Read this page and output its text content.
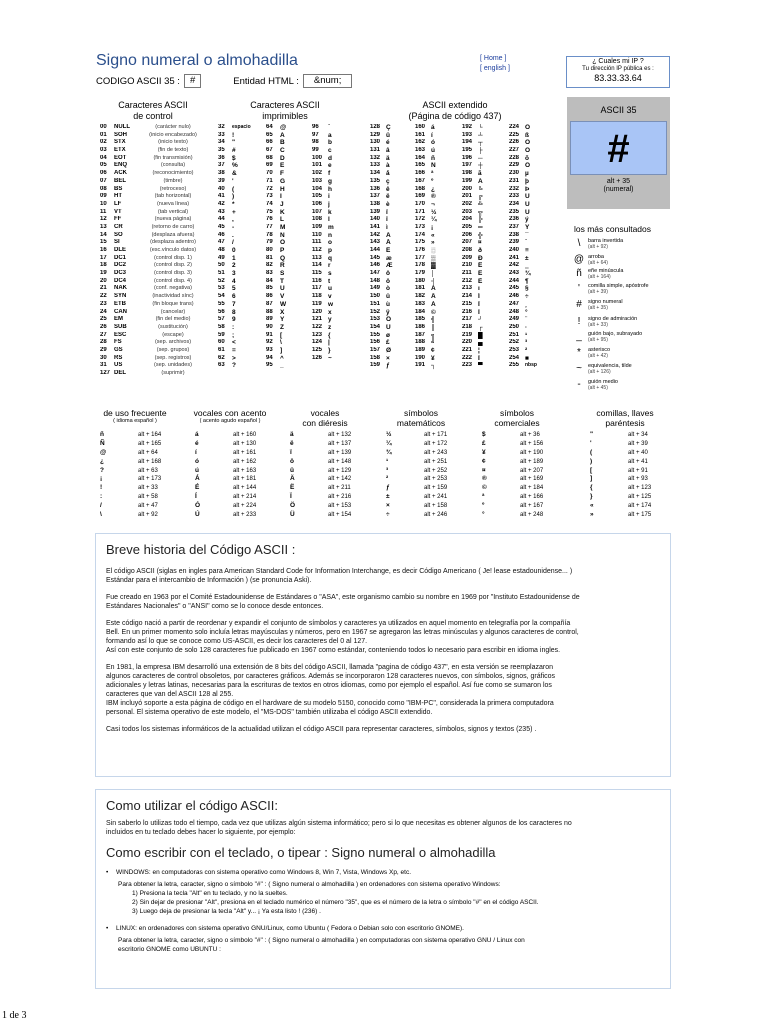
Signo numeral o almohadilla
CODIGO ASCII 35 :	#	Entidad HTML :	&num;
[ Home ]
[ english ]
¿ Cuales mi IP ?
Tu dirección IP pública es :
83.33.33.64
Caracteres ASCII
de control
Caracteres ASCII
imprimibles
ASCII extendido
(Página de código 437)
00	NULL	(carácter nulo)
01	SOH	(inicio encabezado)
02	STX	(inicio texto)
03	ETX	(fin de texto)
04	EOT	(fin transmisión)
05	ENQ	(consulta)
06	ACK	(reconocimiento)
07	BEL	(timbre)
08	BS	(retroceso)
09	HT	(tab horizontal)
10	LF	(nueva línea)
11	VT	(tab vertical)
12	FF	(nueva página)
13	CR	(retorno de carro)
14	SO	(desplaza afuera)
15	SI	(desplaza adentro)
16	DLE	(esc.vínculo datos)
17	DC1	(control disp. 1)
18	DC2	(control disp. 2)
19	DC3	(control disp. 3)
20	DC4	(control disp. 4)
21	NAK	(conf. negativa)
22	SYN	(inactividad sínc)
23	ETB	(fin bloque trans)
24	CAN	(cancelar)
25	EM	(fin del medio)
26	SUB	(sustitución)
27	ESC	(escape)
28	FS	(sep. archivos)
29	GS	(sep. grupos)
30	RS	(sep. registros)
31	US	(sep. unidades)
127 DEL	(suprimir)
32	espacio
33	!
34	"
35	#
36	$
37	%
38	&
39	'
40	(
41	)
42	*
43	+
44	,
45	-
46	.
47	/
48	0
49	1
50	2
51	3
52	4
53	5
54	6
55	7
56	8
57	9
58	:
59	;
60	<
61	=
62	>
63	?
64	@
65	A
66	B
67	C
68	D
69	E
70	F
71	G
72	H
73	I
74	J
75	K
76	L
77	M
78	N
79	O
80	P
81	Q
82	R
83	S
84	T
85	U
86	V
87	W
88	X
89	Y
90	Z
91	[
92	\
93	]
94	^
95	_
96	`
97	a
98	b
99	c
100 d
101 e
102 f
103 g
104 h
105 i
106 j
107 k
108 l
109 m
110 n
111	o
112 p
113 q
114 r
115 s
116 t
117 u
118 v
119 w
120 x
121 y
122 z
123 {
124 |
125 }
126 ~
128 Ç
129 ü
130 é
131 â
132 ä
133 à
134 å
135 ç
136 ê
137 ë
138 è
139 ï
140 î
141 ì
142 Ä
143 Å
144 É
145 æ
146 Æ
147 ô
148 ö
149 ò
150 û
151 ù
152 ÿ
153 Ö
154 Ü
155 ø
156 £
157 Ø
158 ×
159 ƒ
160 á
161 í
162 ó
163 ú
164 ñ
165 Ñ
166 ª
167 º
168 ¿
169 ®
170 ¬
171 ½
172 ¼
173 ¡
174 «
175 »
176 ░
177 ▒
178 ▓
179 │
180 ┤
181 Á
182 Â
183 À
184 ©
185 ╣
186 ║
187 ╗
188 ╝
189 ¢
190 ¥
191 ┐
192 └
193 ┴
194 ┬
195 ├
196 ─
197 ┼
198 ã
199 Ã
200 ╚
201 ╔
202 ╩
203 ╦
204 ╠
205 ═
206 ╬
207 ¤
208 ð
209 Ð
210 Ê
211 Ë
212 È
213 ı
214 Í
215 Î
216 Ï
217 ┘
218 ┌
219 █
220 ▄
221 ¦
222 Ì
223 ▀
224 Ó
225 ß
226 Ô
227 Ò
228 õ
229 Õ
230 µ
231 þ
232 Þ
233 Ú
234 Û
235 Ù
236 ý
237 Ý
238 ¯
239 ´
240 ≡
241 ±
242 ‗
243 ¾
244 ¶
245 §
246 ÷
247 ¸
248 °
249 ¨
250 ·
251 ¹
252 ³
253 ²
254 ■
255	nbsp
ASCII 35
#
alt + 35
(numeral)
los más consultados
\	barra invertida
(alt + 92)
@ arroba
(alt + 64)
ñ	eñe minúscula
(alt + 164)
'	comilla simple, apóstrofe
(alt + 39)
#	signo numeral
(alt + 35)
!	signo de admiración
(alt + 33)
_	guión bajo, subrayado
(alt + 95)
*	asterisco
(alt + 42)
~	equivalencia, tilde
(alt + 126)
-	guión medio
(alt + 45)
de uso frecuente
( idioma español )
ñ	alt + 164
Ñ	alt + 165
@	alt + 64
¿	alt + 168
?	alt + 63
¡	alt + 173
!	alt + 33
:	alt + 58
/	alt + 47
\	alt + 92
vocales con acento
( acento agudo español )
á	alt + 160
é	alt + 130
í	alt + 161
ó	alt + 162
ú	alt + 163
Á	alt + 181
É	alt + 144
Í	alt + 214
Ó	alt + 224
Ú	alt + 233
vocales
con diéresis
ä	alt + 132
ë	alt + 137
ï	alt + 139
ö	alt + 148
ü	alt + 129
Ä	alt + 142
Ë	alt + 211
Ï	alt + 216
Ö	alt + 153
Ü	alt + 154
símbolos
matemáticos
½	alt + 171
¼	alt + 172
¾	alt + 243
¹	alt + 251
³	alt + 252
²	alt + 253
ƒ	alt + 159
±	alt + 241
×	alt + 158
÷	alt + 246
símbolos
comerciales
$	alt + 36
£	alt + 156
¥	alt + 190
¢	alt + 189
¤	alt + 207
®	alt + 169
©	alt + 184
ª	alt + 166
º	alt + 167
°	alt + 248
comillas, llaves
paréntesis
"	alt + 34
'	alt + 39
(	alt + 40
)	alt + 41
[	alt + 91
]	alt + 93
{	alt + 123
}	alt + 125
«	alt + 174
»	alt + 175
Breve historia del Código ASCII :
El código ASCII (siglas en ingles para American Standard Code for Information Interchange, es decir Código Americano ( Je! lease estadounidense... )
Estándar para el intercambio de Información ) (se pronuncia Aski).
Fue creado en 1963 por el Comité Estadounidense de Estándares o "ASA", este organismo cambio su nombre en 1969 por "Instituto Estadounidense de
Estándares Nacionales" o "ANSI" como se lo conoce desde entonces.
Este código nació a partir de reordenar y expandir el conjunto de símbolos y caracteres ya utilizados en aquel momento en telegrafía por la compañía
Bell. En un primer momento solo incluía letras mayúsculas y números, pero en 1967 se agregaron las letras minúsculas y algunos caracteres de control,
formando así lo que se conoce como US-ASCII, es decir los caracteres del 0 al 127.
Así con este conjunto de solo 128 caracteres fue publicado en 1967 como estándar, conteniendo todos lo necesario para escribir en idioma ingles.
En 1981, la empresa IBM desarrolló una extensión de 8 bits del código ASCII, llamada "pagina de código 437", en esta versión se reemplazaron
algunos caracteres de control obsoletos, por caracteres gráficos. Además se incorporaron 128 caracteres nuevos, con símbolos, signos, gráficos
adicionales y letras latinas, necesarias para la escrituras de textos en otros idiomas, como por ejemplo el español. Así fue como se sumaron los
caracteres que van del ASCII 128 al 255.
IBM incluyó soporte a esta página de código en el hardware de su modelo 5150, conocido como "IBM-PC", considerada la primera computadora
personal. El sistema operativo de este modelo, el "MS-DOS" también utilizaba el código ASCII extendido.
Casi todos los sistemas informáticos de la actualidad utilizan el código ASCII para representar caracteres, símbolos, signos y textos (235) .
Como utilizar el código ASCII:
Sin saberlo lo utilizas todo el tiempo, cada vez que utilizas algún sistema informático; pero si lo que necesitas es obtener algunos de los caracteres no
incluidos en tu teclado debes hacer lo siguiente, por ejemplo:
Como escribir con el teclado, o tipear : Signo numeral o almohadilla
• WINDOWS: en computadoras con sistema operativo como Windows 8, Win 7, Vista, Windows Xp, etc.
Para obtener la letra, caracter, signo o símbolo "#" : ( Signo numeral o almohadilla ) en ordenadores con sistema operativo Windows:
1) Presiona la tecla "Alt" en tu teclado, y no la sueltes.
2) Sin dejar de presionar "Alt", presiona en el teclado numérico el número "35", que es el número de la letra o símbolo "#" en el código ASCII.
3) Luego deja de presionar la tecla "Alt" y... ¡ Ya esta listo ! (236) .
• LINUX: en ordenadores con sistema operativo GNU/Linux, como Ubuntu ( Fedora o Debian solo con escritorio GNOME).
Para obtener la letra, caracter, signo o símbolo "#" : ( Signo numeral o almohadilla ) en computadoras con sistema operativo GNU / Linux con
escritorio GNOME como UBUNTU :
1 de 3
